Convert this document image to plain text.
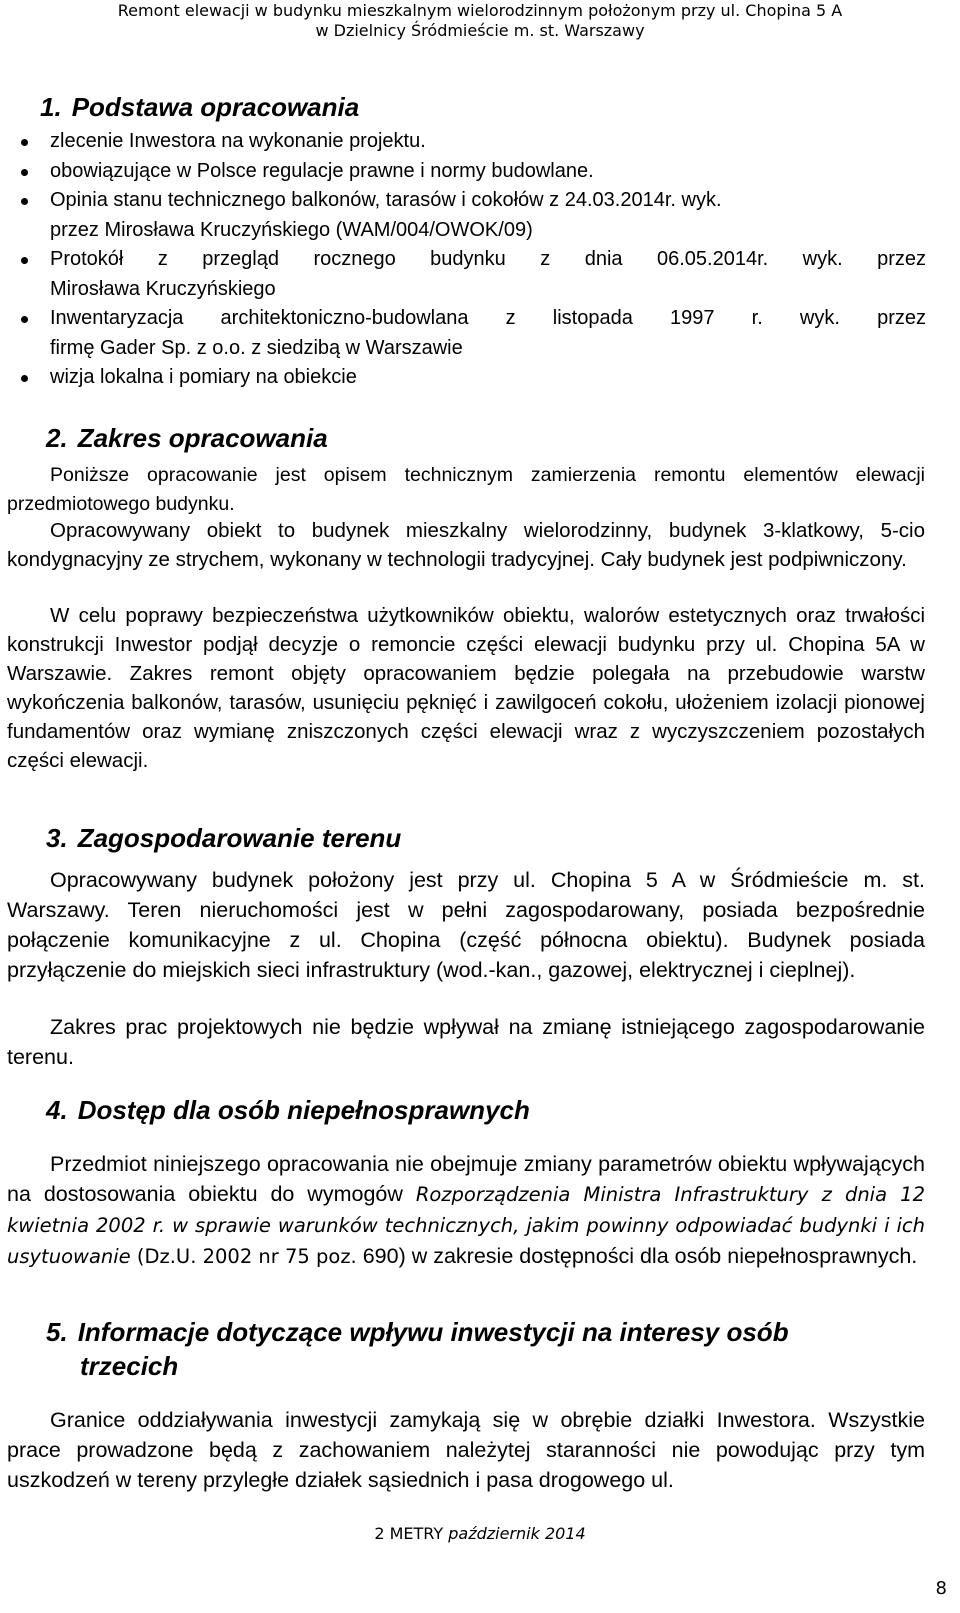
Remont elewacji w budynku mieszkalnym wielorodzinnym położonym przy ul. Chopina 5 A
w Dzielnicy Śródmieście m. st. Warszawy
1. Podstawa opracowania
zlecenie Inwestora na wykonanie projektu.
obowiązujące w Polsce regulacje prawne i normy budowlane.
Opinia stanu technicznego balkonów, tarasów i cokołów z 24.03.2014r. wyk.
przez Mirosława Kruczyńskiego (WAM/004/OWOK/09)
Protokół z przegląd rocznego budynku z dnia 06.05.2014r. wyk. przez
Mirosława Kruczyńskiego
Inwentaryzacja architektoniczno-budowlana z listopada 1997 r. wyk. przez
firmę Gader Sp. z o.o. z siedzibą w Warszawie
wizja lokalna i pomiary na obiekcie
2. Zakres opracowania

Poniższe opracowanie jest opisem technicznym zamierzenia remontu elementów elewacji przedmiotowego budynku.

Opracowywany obiekt to budynek mieszkalny wielorodzinny, budynek 3-klatkowy, 5-cio kondygnacyjny ze strychem, wykonany w technologii tradycyjnej. Cały budynek jest podpiwniczony.

W celu poprawy bezpieczeństwa użytkowników obiektu, walorów estetycznych oraz trwałości konstrukcji Inwestor podjął decyzje o remoncie części elewacji budynku przy ul. Chopina 5A w Warszawie. Zakres remont objęty opracowaniem będzie polegała na przebudowie warstw wykończenia balkonów, tarasów, usunięciu pęknięć i zawilgoceń cokołu, ułożeniem izolacji pionowej fundamentów oraz wymianę zniszczonych części elewacji wraz z wyczyszczeniem pozostałych części elewacji.

3. Zagospodarowanie terenu

Opracowywany budynek położony jest przy ul. Chopina 5 A w Śródmieście m. st. Warszawy. Teren nieruchomości jest w pełni zagospodarowany, posiada bezpośrednie połączenie komunikacyjne z ul. Chopina (część północna obiektu). Budynek posiada przyłączenie do miejskich sieci infrastruktury (wod.-kan., gazowej, elektrycznej i cieplnej).

Zakres prac projektowych nie będzie wpływał na zmianę istniejącego zagospodarowanie terenu.

4. Dostęp dla osób niepełnosprawnych

Przedmiot niniejszego opracowania nie obejmuje zmiany parametrów obiektu wpływających na dostosowania obiektu do wymogów Rozporządzenia Ministra Infrastruktury z dnia 12 kwietnia 2002 r. w sprawie warunków technicznych, jakim powinny odpowiadać budynki i ich usytuowanie (Dz.U. 2002 nr 75 poz. 690) w zakresie dostępności dla osób niepełnosprawnych.

5. Informacje dotyczące wpływu inwestycji na interesy osób
trzecich

Granice oddziaływania inwestycji zamykają się w obrębie działki Inwestora. Wszystkie prace prowadzone będą z zachowaniem należytej staranności nie powodując przy tym uszkodzeń w tereny przyległe działek sąsiednich i pasa drogowego ul.

2 METRY październik 2014
8
